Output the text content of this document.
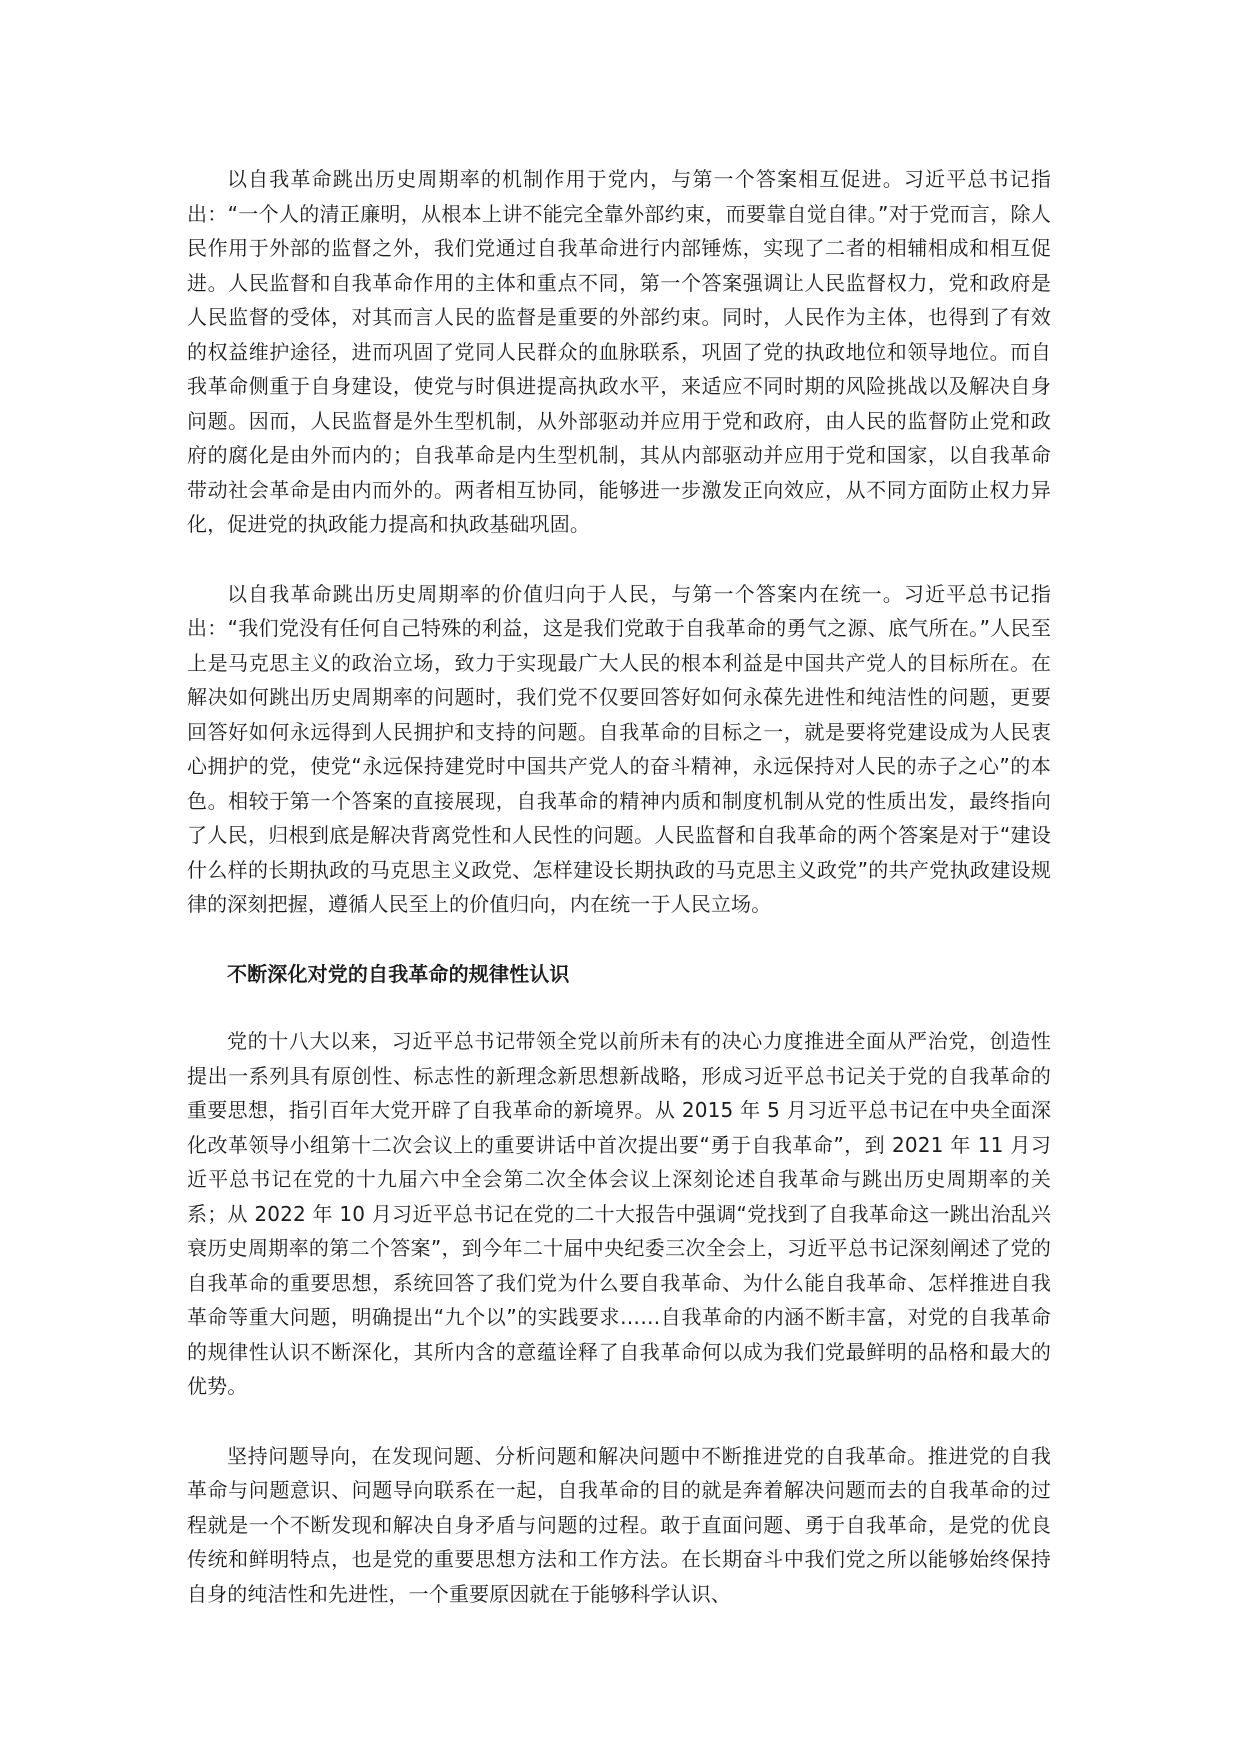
以自我革命跳出历史周期率的机制作用于党内，与第一个答案相互促进。习近平总书记指出：“一个人的清正廉明，从根本上讲不能完全靠外部约束，而要靠自觉自律。”对于党而言，除人民作用于外部的监督之外，我们党通过自我革命进行内部锤炼，实现了二者的相辅相成和相互促进。人民监督和自我革命作用的主体和重点不同，第一个答案强调让人民监督权力，党和政府是人民监督的受体，对其而言人民的监督是重要的外部约束。同时，人民作为主体，也得到了有效的权益维护途径，进而巩固了党同人民群众的血脉联系，巩固了党的执政地位和领导地位。而自我革命侧重于自身建设，使党与时俱进提高执政水平，来适应不同时期的风险挑战以及解决自身问题。因而，人民监督是外生型机制，从外部驱动并应用于党和政府，由人民的监督防止党和政府的腐化是由外而内的；自我革命是内生型机制，其从内部驱动并应用于党和国家，以自我革命带动社会革命是由内而外的。两者相互协同，能够进一步激发正向效应，从不同方面防止权力异化，促进党的执政能力提高和执政基础巩固。

以自我革命跳出历史周期率的价值归向于人民，与第一个答案内在统一。习近平总书记指出：“我们党没有任何自己特殊的利益，这是我们党敢于自我革命的勇气之源、底气所在。”人民至上是马克思主义的政治立场，致力于实现最广大人民的根本利益是中国共产党人的目标所在。在解决如何跳出历史周期率的问题时，我们党不仅要回答好如何永葆先进性和纯洁性的问题，更要回答好如何永远得到人民拥护和支持的问题。自我革命的目标之一，就是要将党建设成为人民衷心拥护的党，使党“永远保持建党时中国共产党人的奋斗精神，永远保持对人民的赤子之心”的本色。相较于第一个答案的直接展现，自我革命的精神内质和制度机制从党的性质出发，最终指向了人民，归根到底是解决背离党性和人民性的问题。人民监督和自我革命的两个答案是对于“建设什么样的长期执政的马克思主义政党、怎样建设长期执政的马克思主义政党”的共产党执政建设规律的深刻把握，遵循人民至上的价值归向，内在统一于人民立场。

不断深化对党的自我革命的规律性认识

党的十八大以来，习近平总书记带领全党以前所未有的决心力度推进全面从严治党，创造性提出一系列具有原创性、标志性的新理念新思想新战略，形成习近平总书记关于党的自我革命的重要思想，指引百年大党开辟了自我革命的新境界。从 2015 年 5 月习近平总书记在中央全面深化改革领导小组第十二次会议上的重要讲话中首次提出要“勇于自我革命”，到 2021 年 11 月习近平总书记在党的十九届六中全会第二次全体会议上深刻论述自我革命与跳出历史周期率的关系；从 2022 年 10 月习近平总书记在党的二十大报告中强调“党找到了自我革命这一跳出治乱兴衰历史周期率的第二个答案”，到今年二十届中央纪委三次全会上，习近平总书记深刻阐述了党的自我革命的重要思想，系统回答了我们党为什么要自我革命、为什么能自我革命、怎样推进自我革命等重大问题，明确提出“九个以”的实践要求……自我革命的内涵不断丰富，对党的自我革命的规律性认识不断深化，其所内含的意蕴诠释了自我革命何以成为我们党最鲜明的品格和最大的优势。

坚持问题导向，在发现问题、分析问题和解决问题中不断推进党的自我革命。推进党的自我革命与问题意识、问题导向联系在一起，自我革命的目的就是奔着解决问题而去的自我革命的过程就是一个不断发现和解决自身矛盾与问题的过程。敢于直面问题、勇于自我革命，是党的优良传统和鲜明特点，也是党的重要思想方法和工作方法。在长期奋斗中我们党之所以能够始终保持自身的纯洁性和先进性，一个重要原因就在于能够科学认识、
